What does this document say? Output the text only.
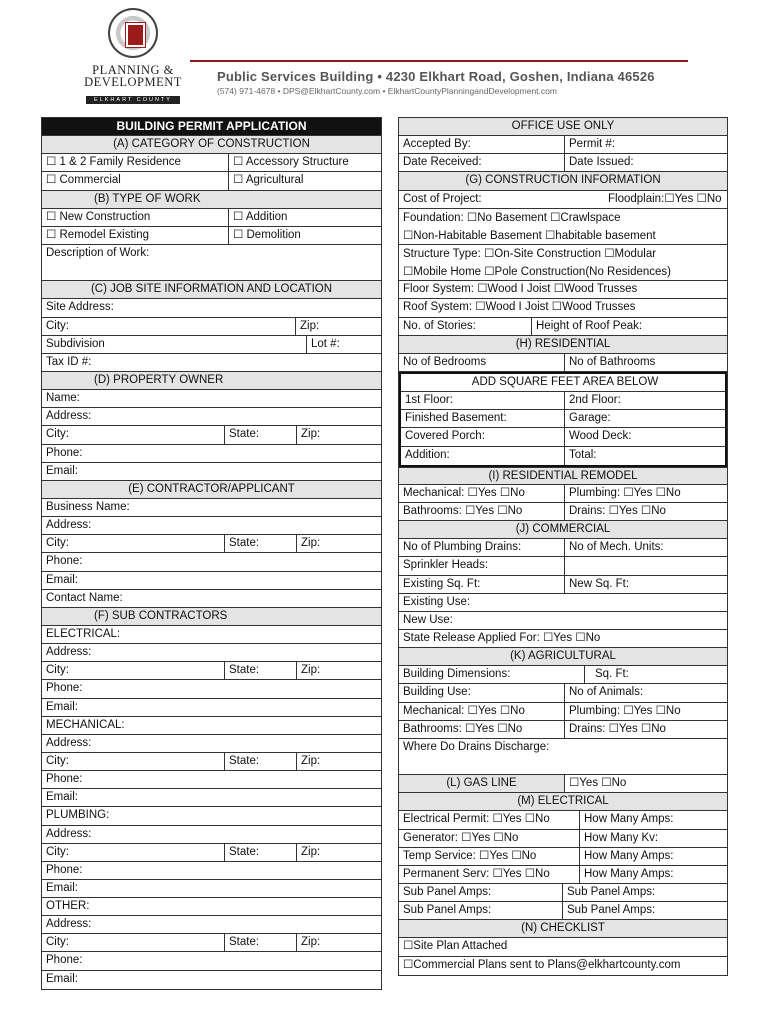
PLANNING &
DEVELOPMENT
ELKHART COUNTY
Public Services Building • 4230 Elkhart Road, Goshen, Indiana 46526
(574) 971-4678 • DPS@ElkhartCounty.com • ElkhartCountyPlanningandDevelopment.com
BUILDING PERMIT APPLICATION
(A) CATEGORY OF CONSTRUCTION
☐ 1 & 2 Family Residence	☐ Accessory Structure
☐ Commercial	☐ Agricultural
(B) TYPE OF WORK
☐ New Construction	☐ Addition
☐ Remodel Existing	☐ Demolition
Description of Work:
(C) JOB SITE INFORMATION AND LOCATION
Site Address:
City:	Zip:
Subdivision	Lot #:
Tax ID #:
(D) PROPERTY OWNER
Name:
Address:
City:	State:	Zip:
Phone:
Email:
(E) CONTRACTOR/APPLICANT
Business Name:
Address:
City:	State:	Zip:
Phone:
Email:
Contact Name:
(F) SUB CONTRACTORS
ELECTRICAL:
Address:
City:	State:	Zip:
Phone:
Email:
MECHANICAL:
Address:
City:	State:	Zip:
Phone:
Email:
PLUMBING:
Address:
City:	State:	Zip:
Phone:
Email:
OTHER:
Address:
City:	State:	Zip:
Phone:
Email:
OFFICE USE ONLY
Accepted By:	Permit #:
Date Received:	Date Issued:
(G) CONSTRUCTION INFORMATION
Cost of Project:	Floodplain:☐Yes ☐No
Foundation: ☐No Basement ☐Crawlspace
☐Non-Habitable Basement ☐habitable basement
Structure Type: ☐On-Site Construction ☐Modular
☐Mobile Home ☐Pole Construction(No Residences)
Floor System: ☐Wood I Joist ☐Wood Trusses
Roof System: ☐Wood I Joist ☐Wood Trusses
No. of Stories:	Height of Roof Peak:
(H) RESIDENTIAL
No of Bedrooms	No of Bathrooms
ADD SQUARE FEET AREA BELOW
1st Floor:	2nd Floor:
Finished Basement:	Garage:
Covered Porch:	Wood Deck:
Addition:	Total:
(I) RESIDENTIAL REMODEL
Mechanical: ☐Yes ☐No	Plumbing: ☐Yes ☐No
Bathrooms: ☐Yes ☐No	Drains: ☐Yes ☐No
(J) COMMERCIAL
No of Plumbing Drains:	No of Mech. Units:
Sprinkler Heads:
Existing Sq. Ft:	New Sq. Ft:
Existing Use:
New Use:
State Release Applied For: ☐Yes ☐No
(K) AGRICULTURAL
Building Dimensions:	Sq. Ft:
Building Use:	No of Animals:
Mechanical: ☐Yes ☐No	Plumbing: ☐Yes ☐No
Bathrooms: ☐Yes ☐No	Drains: ☐Yes ☐No
Where Do Drains Discharge:
(L) GAS LINE	☐Yes ☐No
(M) ELECTRICAL
Electrical Permit: ☐Yes ☐No	How Many Amps:
Generator: ☐Yes ☐No	How Many Kv:
Temp Service: ☐Yes ☐No	How Many Amps:
Permanent Serv: ☐Yes ☐No	How Many Amps:
Sub Panel Amps:	Sub Panel Amps:
Sub Panel Amps:	Sub Panel Amps:
(N) CHECKLIST
☐Site Plan Attached
☐Commercial Plans sent to Plans@elkhartcounty.com
